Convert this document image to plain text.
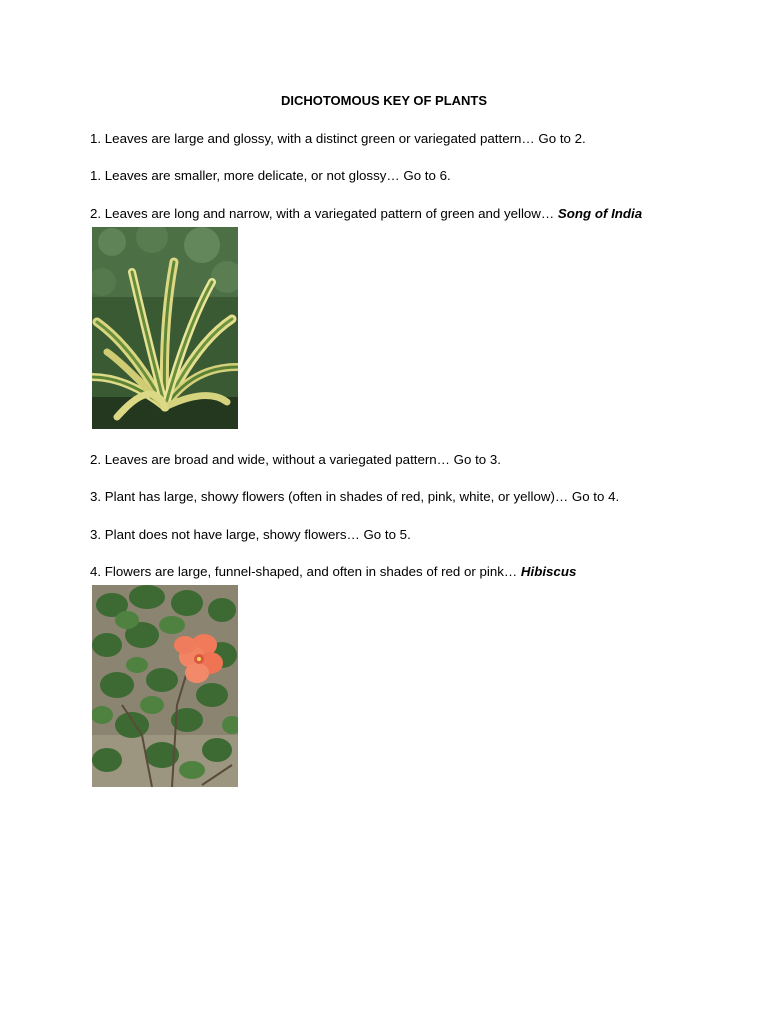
DICHOTOMOUS KEY OF PLANTS
1. Leaves are large and glossy, with a distinct green or variegated pattern… Go to 2.
1. Leaves are smaller, more delicate, or not glossy… Go to 6.
2. Leaves are long and narrow, with a variegated pattern of green and yellow… Song of India
2. Leaves are broad and wide, without a variegated pattern… Go to 3.
3. Plant has large, showy flowers (often in shades of red, pink, white, or yellow)… Go to 4.
3. Plant does not have large, showy flowers… Go to 5.
4. Flowers are large, funnel-shaped, and often in shades of red or pink… Hibiscus
